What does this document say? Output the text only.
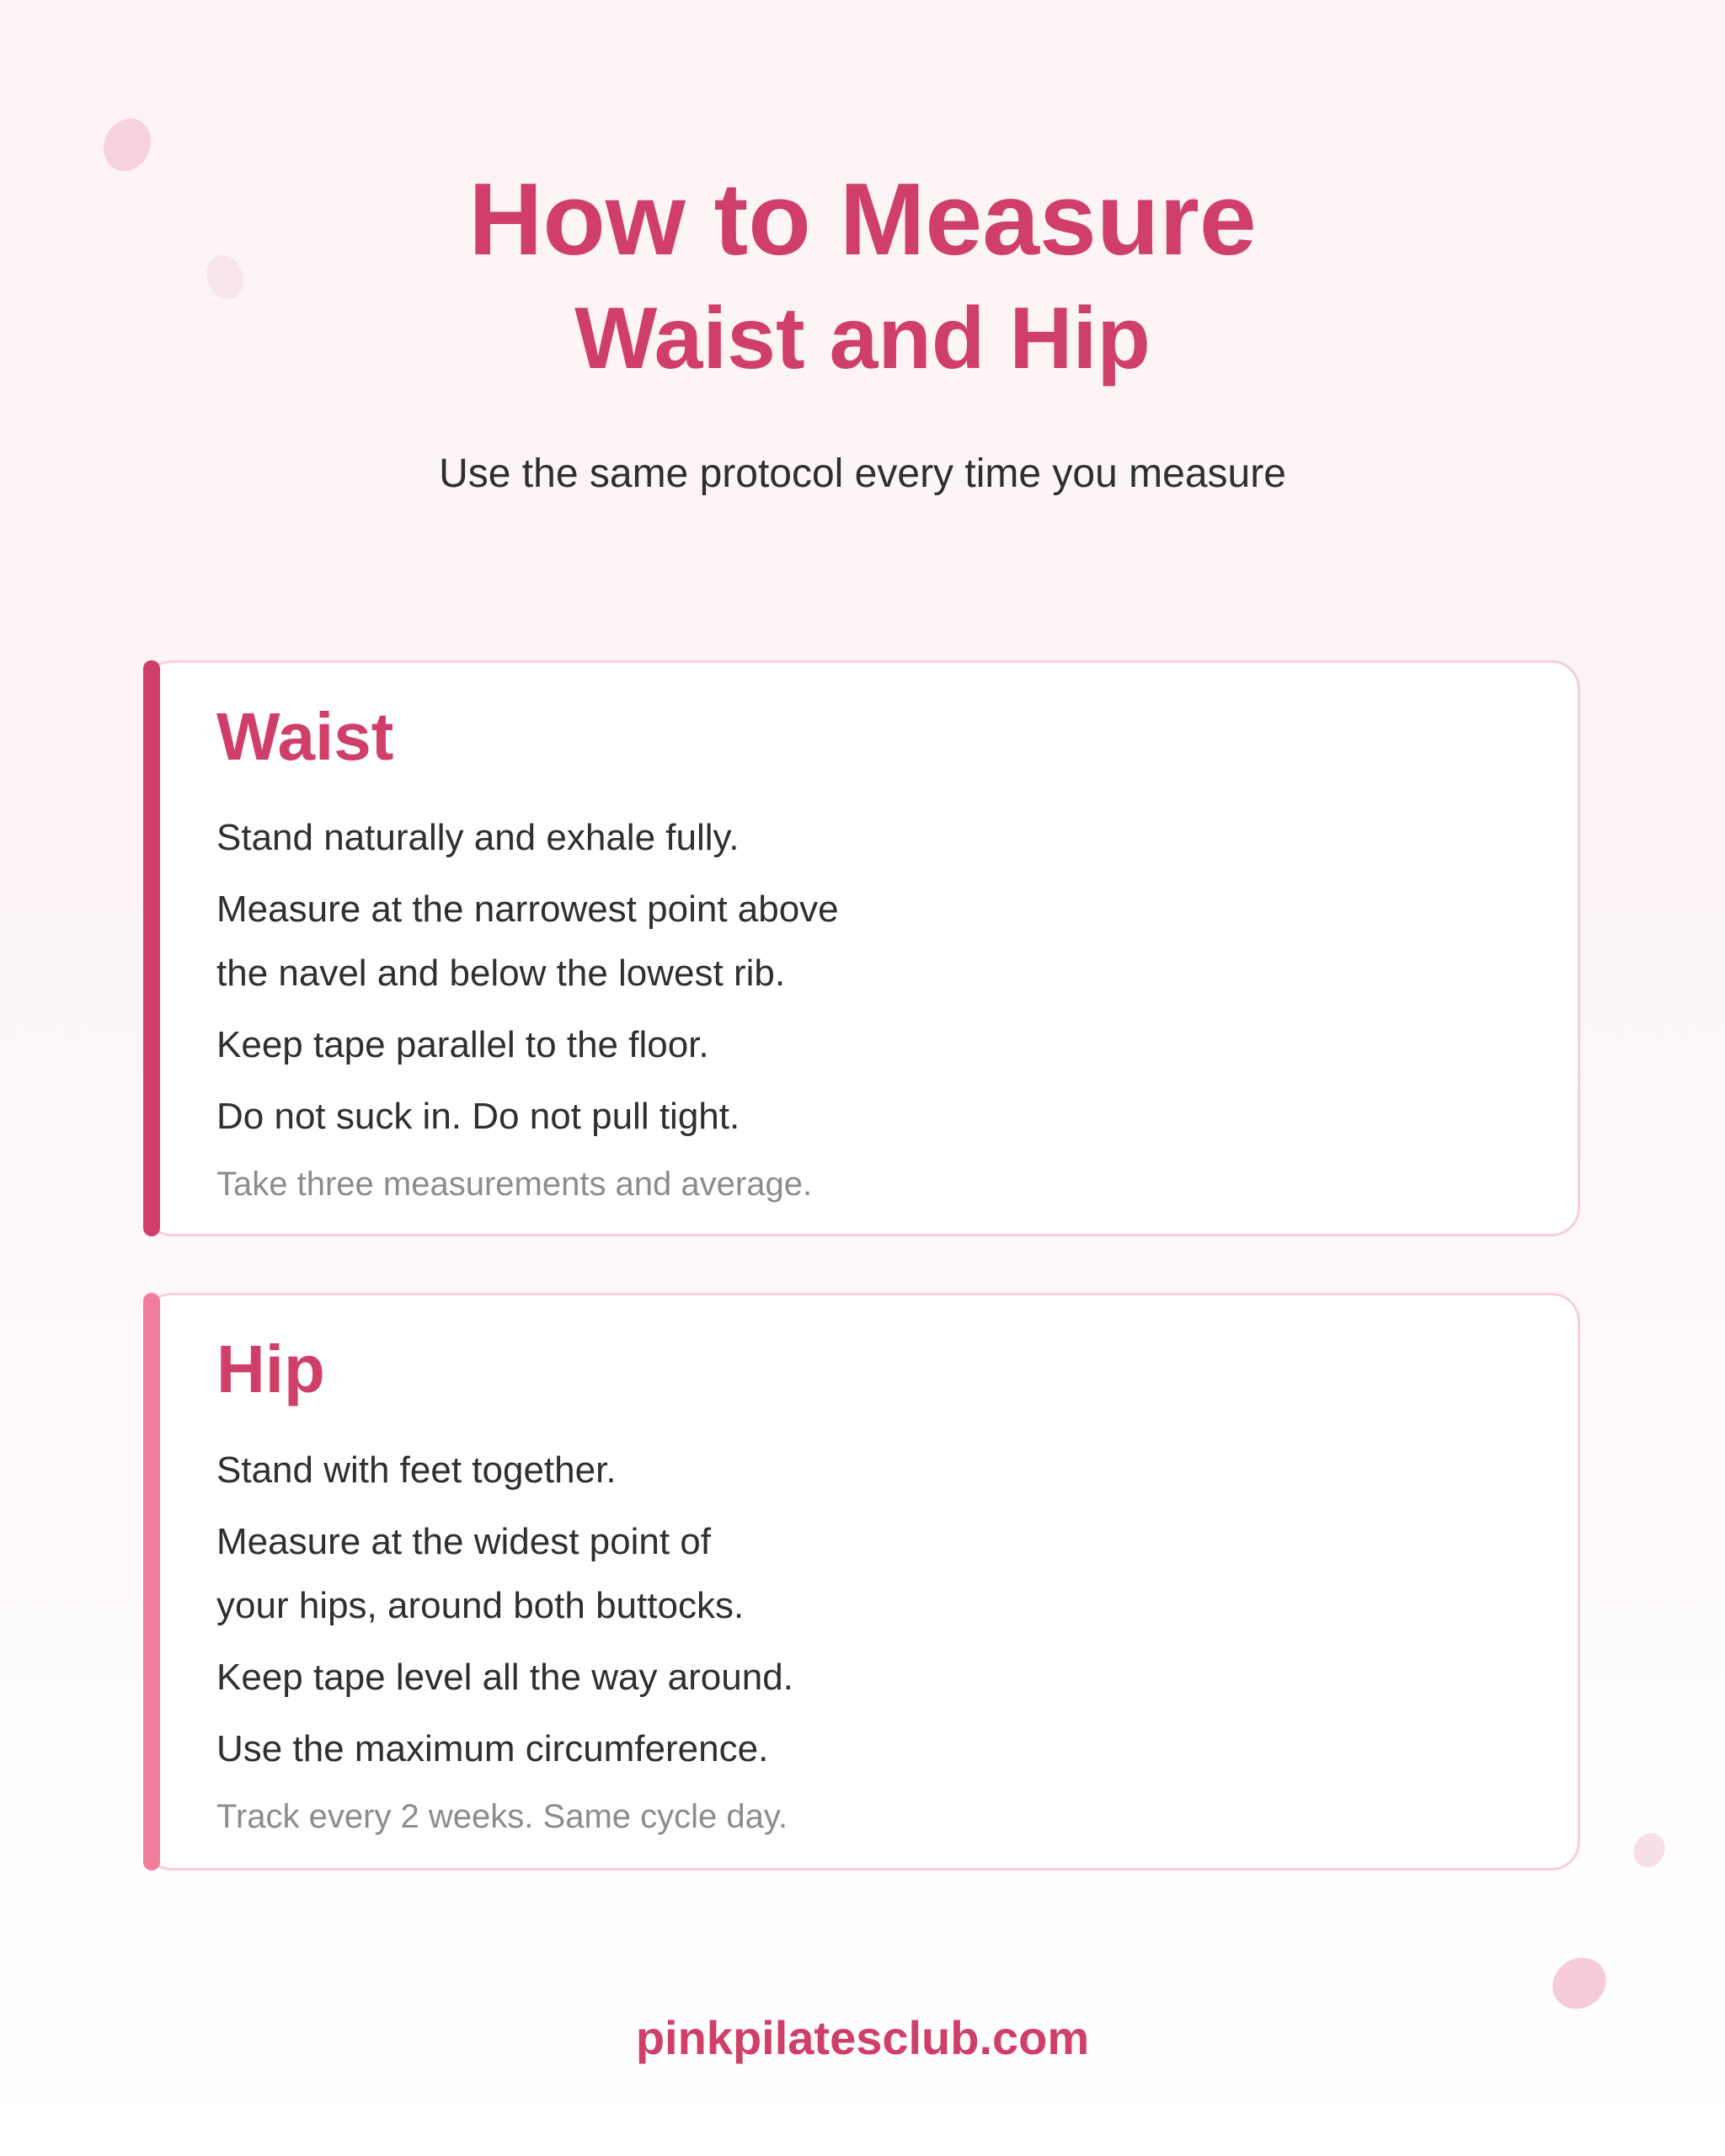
How to Measure
Waist and Hip
Use the same protocol every time you measure
Waist
Stand naturally and exhale fully.
Measure at the narrowest point above
the navel and below the lowest rib.
Keep tape parallel to the floor.
Do not suck in. Do not pull tight.
Take three measurements and average.
Hip
Stand with feet together.
Measure at the widest point of
your hips, around both buttocks.
Keep tape level all the way around.
Use the maximum circumference.
Track every 2 weeks. Same cycle day.
pinkpilatesclub.com
